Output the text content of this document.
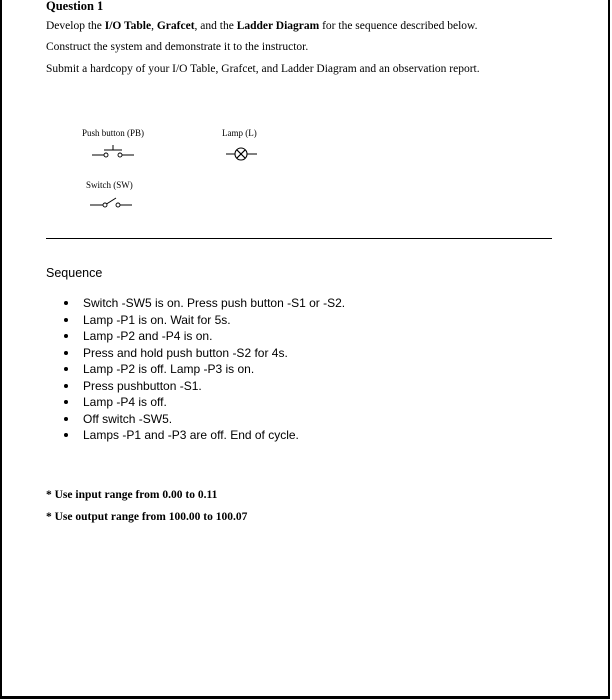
Question 1
Develop the I/O Table, Grafcet, and the Ladder Diagram for the sequence described below.
Construct the system and demonstrate it to the instructor.
Submit a hardcopy of your I/O Table, Grafcet, and Ladder Diagram and an observation report.
Push button (PB)	Lamp (L)
Switch (SW)
Sequence
Switch -SW5 is on. Press push button -S1 or -S2.
Lamp -P1 is on. Wait for 5s.
Lamp -P2 and -P4 is on.
Press and hold push button -S2 for 4s.
Lamp -P2 is off. Lamp -P3 is on.
Press pushbutton -S1.
Lamp -P4 is off.
Off switch -SW5.
Lamps -P1 and -P3 are off. End of cycle.
* Use input range from 0.00 to 0.11
* Use output range from 100.00 to 100.07
